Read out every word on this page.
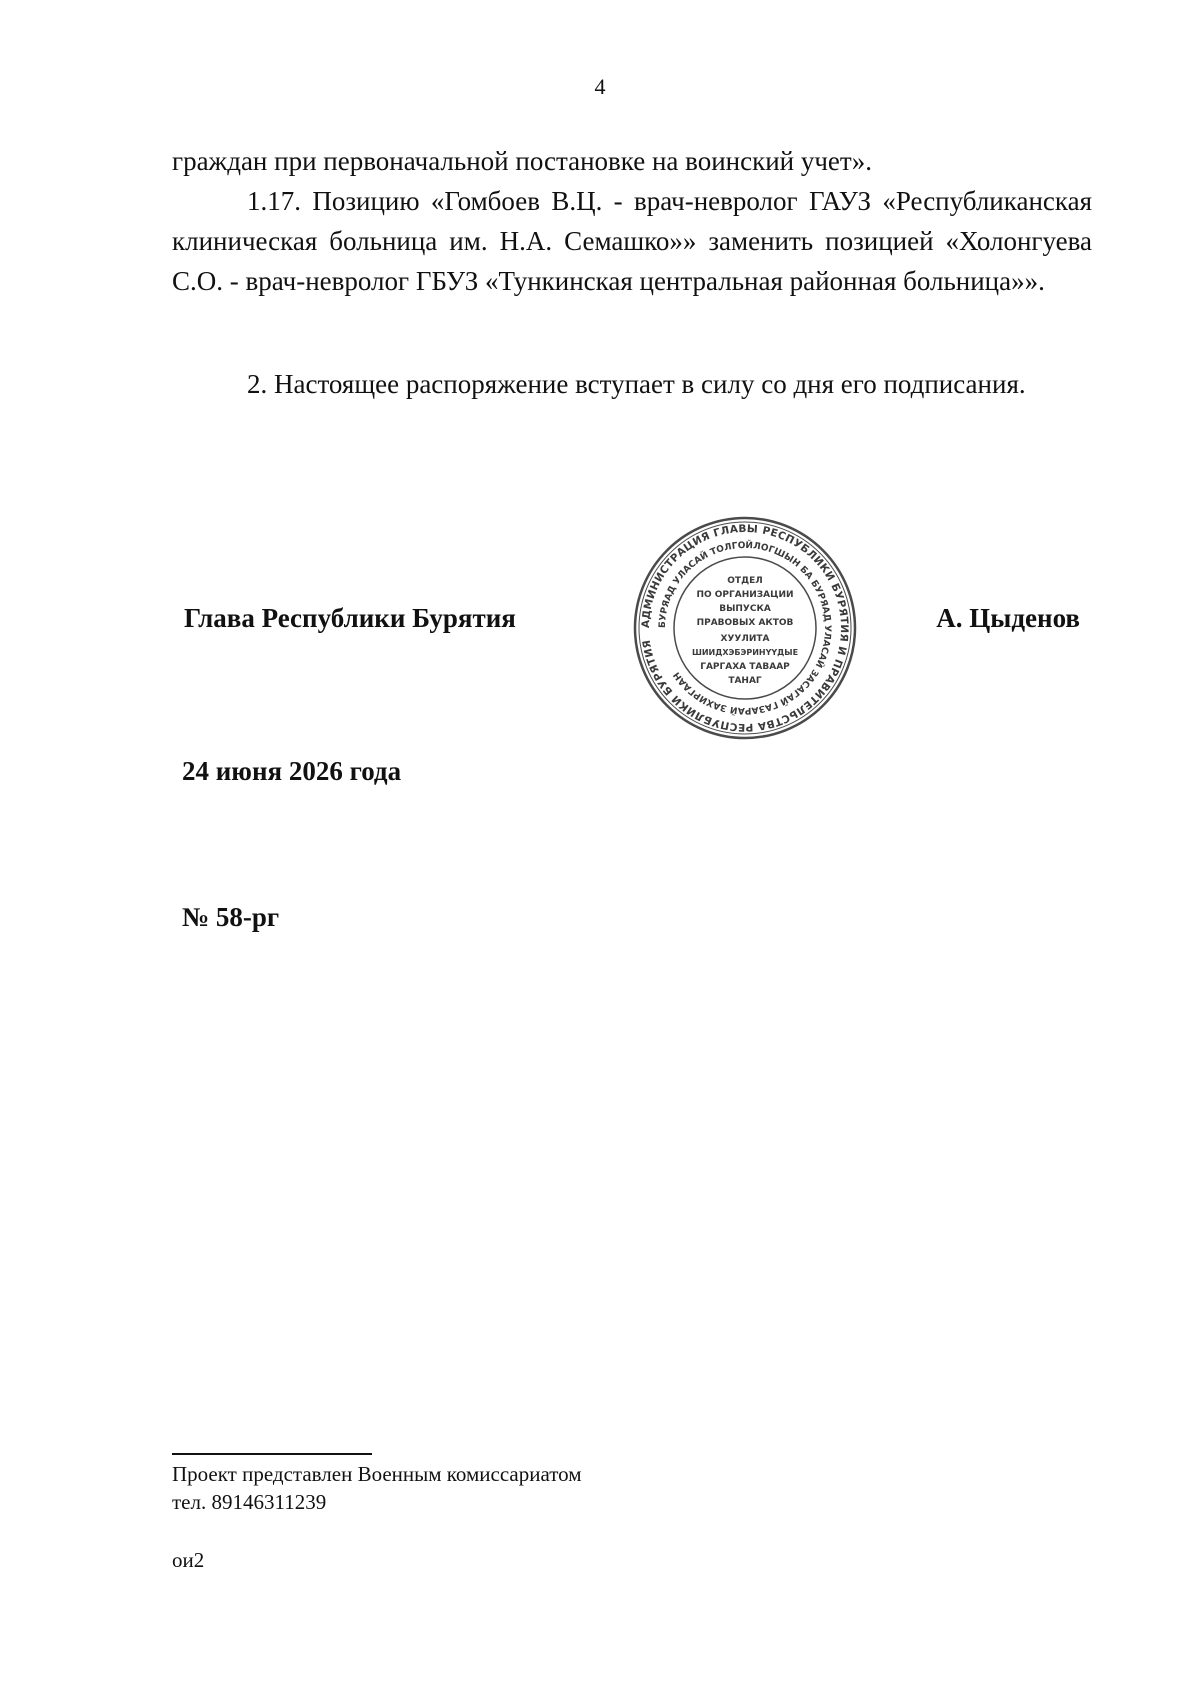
4
граждан при первоначальной постановке на воинский учет».
1.17. Позицию «Гомбоев В.Ц. - врач-невролог ГАУЗ «Республиканская клиническая больница им. Н.А. Семашко»» заменить позицией «Холонгуева С.О. - врач-невролог ГБУЗ «Тункинская центральная районная больница»».
2. Настоящее распоряжение вступает в силу со дня его подписания.
Глава Республики Бурятия	АДМИНИСТРАЦИЯ ГЛАВЫ РЕСПУБЛИКИ БУРЯТИЯ И ПРАВИТЕЛЬСТВА РЕСПУБЛИКИ БУРЯТИЯ
БУРЯАД УЛАСАЙ ТОЛГОЙЛОГШЫН БА БУРЯАД УЛАСАЙ ЗАСАГАЙ ГАЗАРАЙ ЗАХИРГААН
ОТДЕЛ
ПО ОРГАНИЗАЦИИ
ВЫПУСКА
ПРАВОВЫХ АКТОВ
ХУУЛИТА
ШИИДХЭБЭРИНҮҮДЫЕ
ГАРГАХА ТАВААР
ТАНАГ
А. Цыденов
24 июня 2026 года
№ 58-рг
Проект представлен Военным комиссариатом
тел. 89146311239
ои2
